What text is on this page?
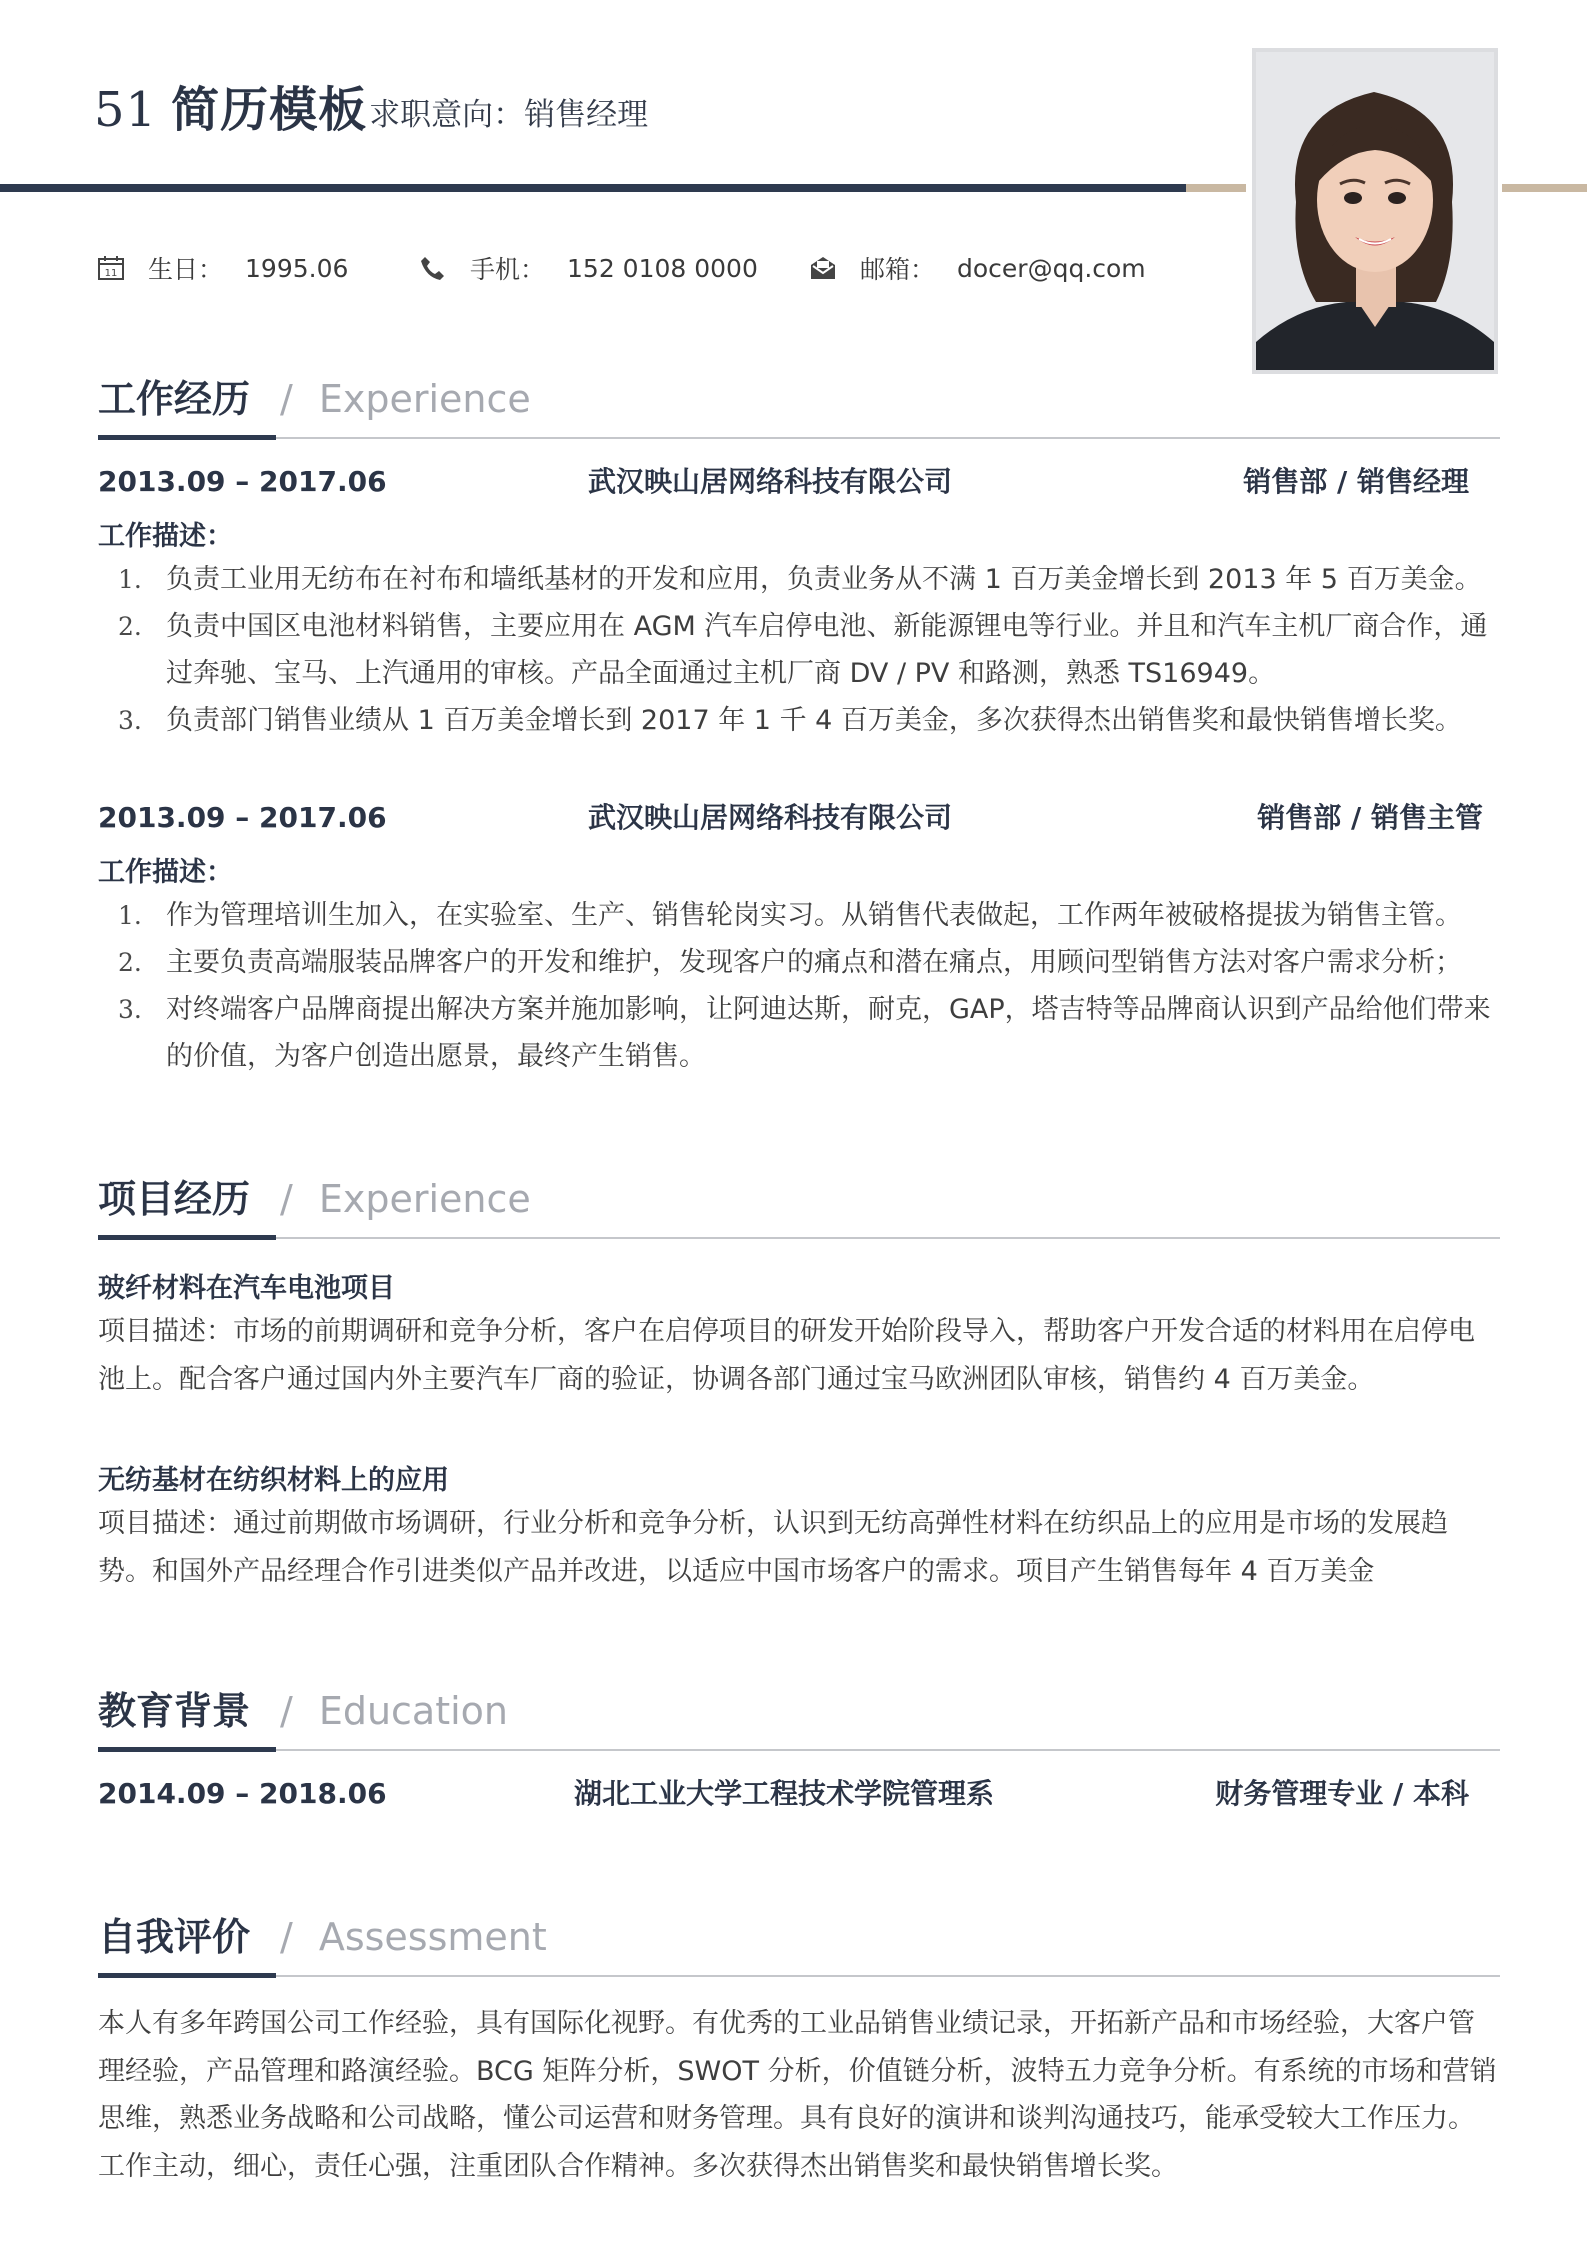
51 简历模板 求职意向：销售经理
11 生日： 1995.06	手机： 152 0108 0000	邮箱： docer@qq.com
工作经历 / Experience
2013.09 – 2017.06	武汉映山居网络科技有限公司	销售部 / 销售经理
工作描述：
1. 负责工业用无纺布在衬布和墙纸基材的开发和应用，负责业务从不满 1 百万美金增长到 2013 年 5 百万美金。
2. 负责中国区电池材料销售，主要应用在 AGM 汽车启停电池、新能源锂电等行业。并且和汽车主机厂商合作，通过奔驰、宝马、上汽通用的审核。产品全面通过主机厂商 DV / PV 和路测，熟悉 TS16949。
3. 负责部门销售业绩从 1 百万美金增长到 2017 年 1 千 4 百万美金，多次获得杰出销售奖和最快销售增长奖。
2013.09 – 2017.06	武汉映山居网络科技有限公司	销售部 / 销售主管
工作描述：
1. 作为管理培训生加入，在实验室、生产、销售轮岗实习。从销售代表做起，工作两年被破格提拔为销售主管。
2. 主要负责高端服装品牌客户的开发和维护，发现客户的痛点和潜在痛点，用顾问型销售方法对客户需求分析；
3. 对终端客户品牌商提出解决方案并施加影响，让阿迪达斯，耐克，GAP，塔吉特等品牌商认识到产品给他们带来的价值，为客户创造出愿景，最终产生销售。
项目经历 / Experience
玻纤材料在汽车电池项目
项目描述：市场的前期调研和竞争分析，客户在启停项目的研发开始阶段导入，帮助客户开发合适的材料用在启停电池上。配合客户通过国内外主要汽车厂商的验证，协调各部门通过宝马欧洲团队审核，销售约 4 百万美金。
无纺基材在纺织材料上的应用
项目描述：通过前期做市场调研，行业分析和竞争分析，认识到无纺高弹性材料在纺织品上的应用是市场的发展趋势。和国外产品经理合作引进类似产品并改进，以适应中国市场客户的需求。项目产生销售每年 4 百万美金
教育背景 / Education
2014.09 – 2018.06	湖北工业大学工程技术学院管理系	财务管理专业 / 本科
自我评价 / Assessment
本人有多年跨国公司工作经验，具有国际化视野。有优秀的工业品销售业绩记录，开拓新产品和市场经验，大客户管理经验，产品管理和路演经验。BCG 矩阵分析，SWOT 分析，价值链分析，波特五力竞争分析。有系统的市场和营销思维，熟悉业务战略和公司战略，懂公司运营和财务管理。具有良好的演讲和谈判沟通技巧，能承受较大工作压力。工作主动，细心，责任心强，注重团队合作精神。多次获得杰出销售奖和最快销售增长奖。
